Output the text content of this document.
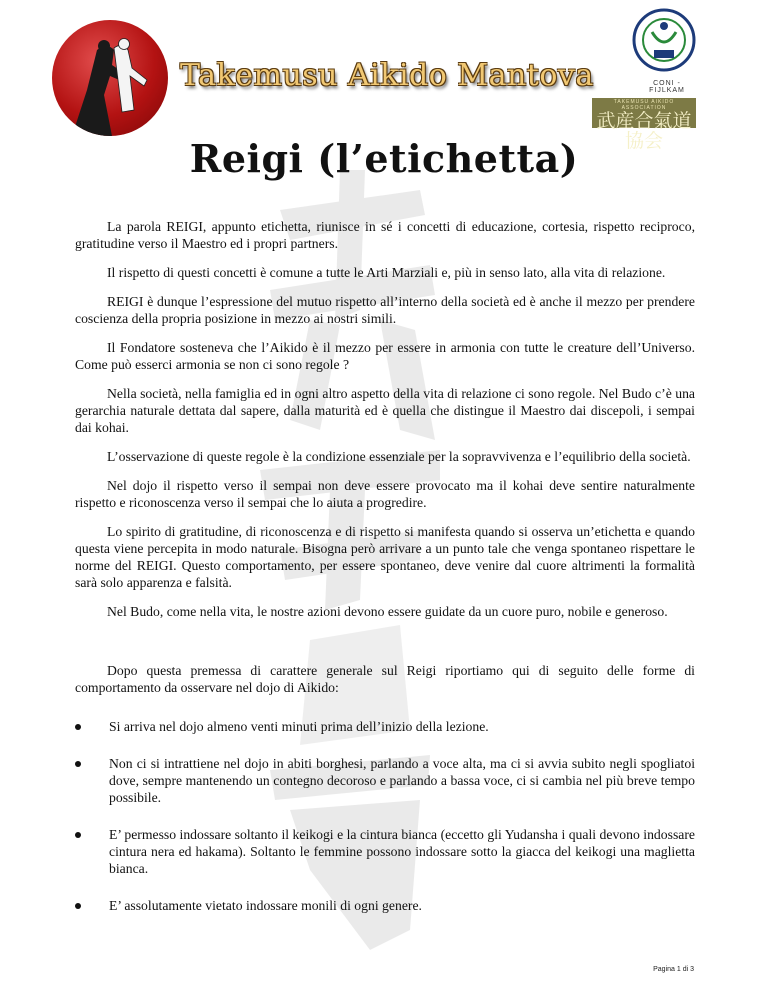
Takemusu Aikido Mantova	CONI - FIJLKAM
TAKEMUSU AIKIDO ASSOCIATION
武産合氣道協会
Reigi (l’etichetta)

La parola REIGI, appunto etichetta, riunisce in sé i concetti di educazione, cortesia, rispetto reciproco, gratitudine verso il Maestro ed i propri partners.

Il rispetto di questi concetti è comune a tutte le Arti Marziali e, più in senso lato, alla vita di relazione.

REIGI è dunque l’espressione del mutuo rispetto all’interno della società ed è anche il mezzo per prendere coscienza della propria posizione in mezzo ai nostri simili.

Il Fondatore sosteneva che l’Aikido è il mezzo per essere in armonia con tutte le creature dell’Universo. Come può esserci armonia se non ci sono regole ?

Nella società, nella famiglia ed in ogni altro aspetto della vita di relazione ci sono regole. Nel Budo c’è una gerarchia naturale dettata dal sapere, dalla maturità ed è quella che distingue il Maestro dai discepoli, i sempai dai kohai.

L’osservazione di queste regole è la condizione essenziale per la sopravvivenza e l’equilibrio della società.

Nel dojo il rispetto verso il sempai non deve essere provocato ma il kohai deve sentire naturalmente rispetto e riconoscenza verso il sempai che lo aiuta a progredire.

Lo spirito di gratitudine, di riconoscenza e di rispetto si manifesta quando si osserva un’etichetta e quando questa viene percepita in modo naturale. Bisogna però arrivare a un punto tale che venga spontaneo rispettare le norme del REIGI. Questo comportamento, per essere spontaneo, deve venire dal cuore altrimenti la formalità sarà solo apparenza e falsità.

Nel Budo, come nella vita, le nostre azioni devono essere guidate da un cuore puro, nobile e generoso.

Dopo questa premessa di carattere generale sul Reigi riportiamo qui di seguito delle forme di comportamento da osservare nel dojo di Aikido:

Si arriva nel dojo almeno venti minuti prima dell’inizio della lezione.
Non ci si intrattiene nel dojo in abiti borghesi, parlando a voce alta, ma ci si avvia subito negli spogliatoi dove, sempre mantenendo un contegno decoroso e parlando a bassa voce, ci si cambia nel più breve tempo possibile.
E’ permesso indossare soltanto il keikogi e la cintura bianca (eccetto gli Yudansha i quali devono indossare cintura nera ed hakama). Soltanto le femmine possono indossare sotto la giacca del keikogi una maglietta bianca.
E’ assolutamente vietato indossare monili di ogni genere.
Pagina 1 di 3
